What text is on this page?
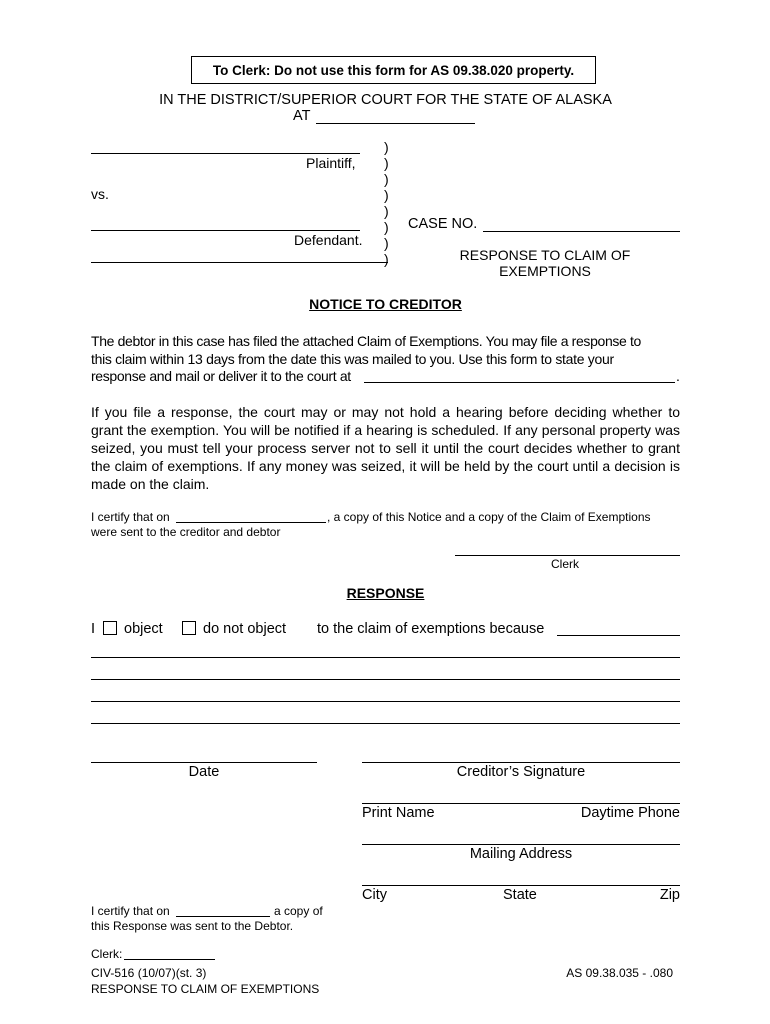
To Clerk: Do not use this form for AS 09.38.020 property.
IN THE DISTRICT/SUPERIOR COURT FOR THE STATE OF ALASKA
AT
Plaintiff,
vs.
Defendant.
)
)
)
)
)
)
)
)
CASE NO.
RESPONSE TO CLAIM OF
EXEMPTIONS
NOTICE TO CREDITOR
The debtor in this case has filed the attached Claim of Exemptions. You may file a response to
this claim within 13 days from the date this was mailed to you. Use this form to state your
response and mail or deliver it to the court at	.
If you file a response, the court may or may not hold a hearing before deciding whether to grant the exemption. You will be notified if a hearing is scheduled. If any personal property was seized, you must tell your process server not to sell it until the court decides whether to grant the claim of exemptions. If any money was seized, it will be held by the court until a decision is made on the claim.
I certify that on	, a copy of this Notice and a copy of the Claim of Exemptions
were sent to the creditor and debtor
Clerk
RESPONSE
I object	do not object to the claim of exemptions because
Date	Creditor’s Signature
Print Name	Daytime Phone
Mailing Address
City	State	Zip
I certify that on	a copy of
this Response was sent to the Debtor.
Clerk:
CIV-516 (10/07)(st. 3)
RESPONSE TO CLAIM OF EXEMPTIONS
AS 09.38.035 - .080
